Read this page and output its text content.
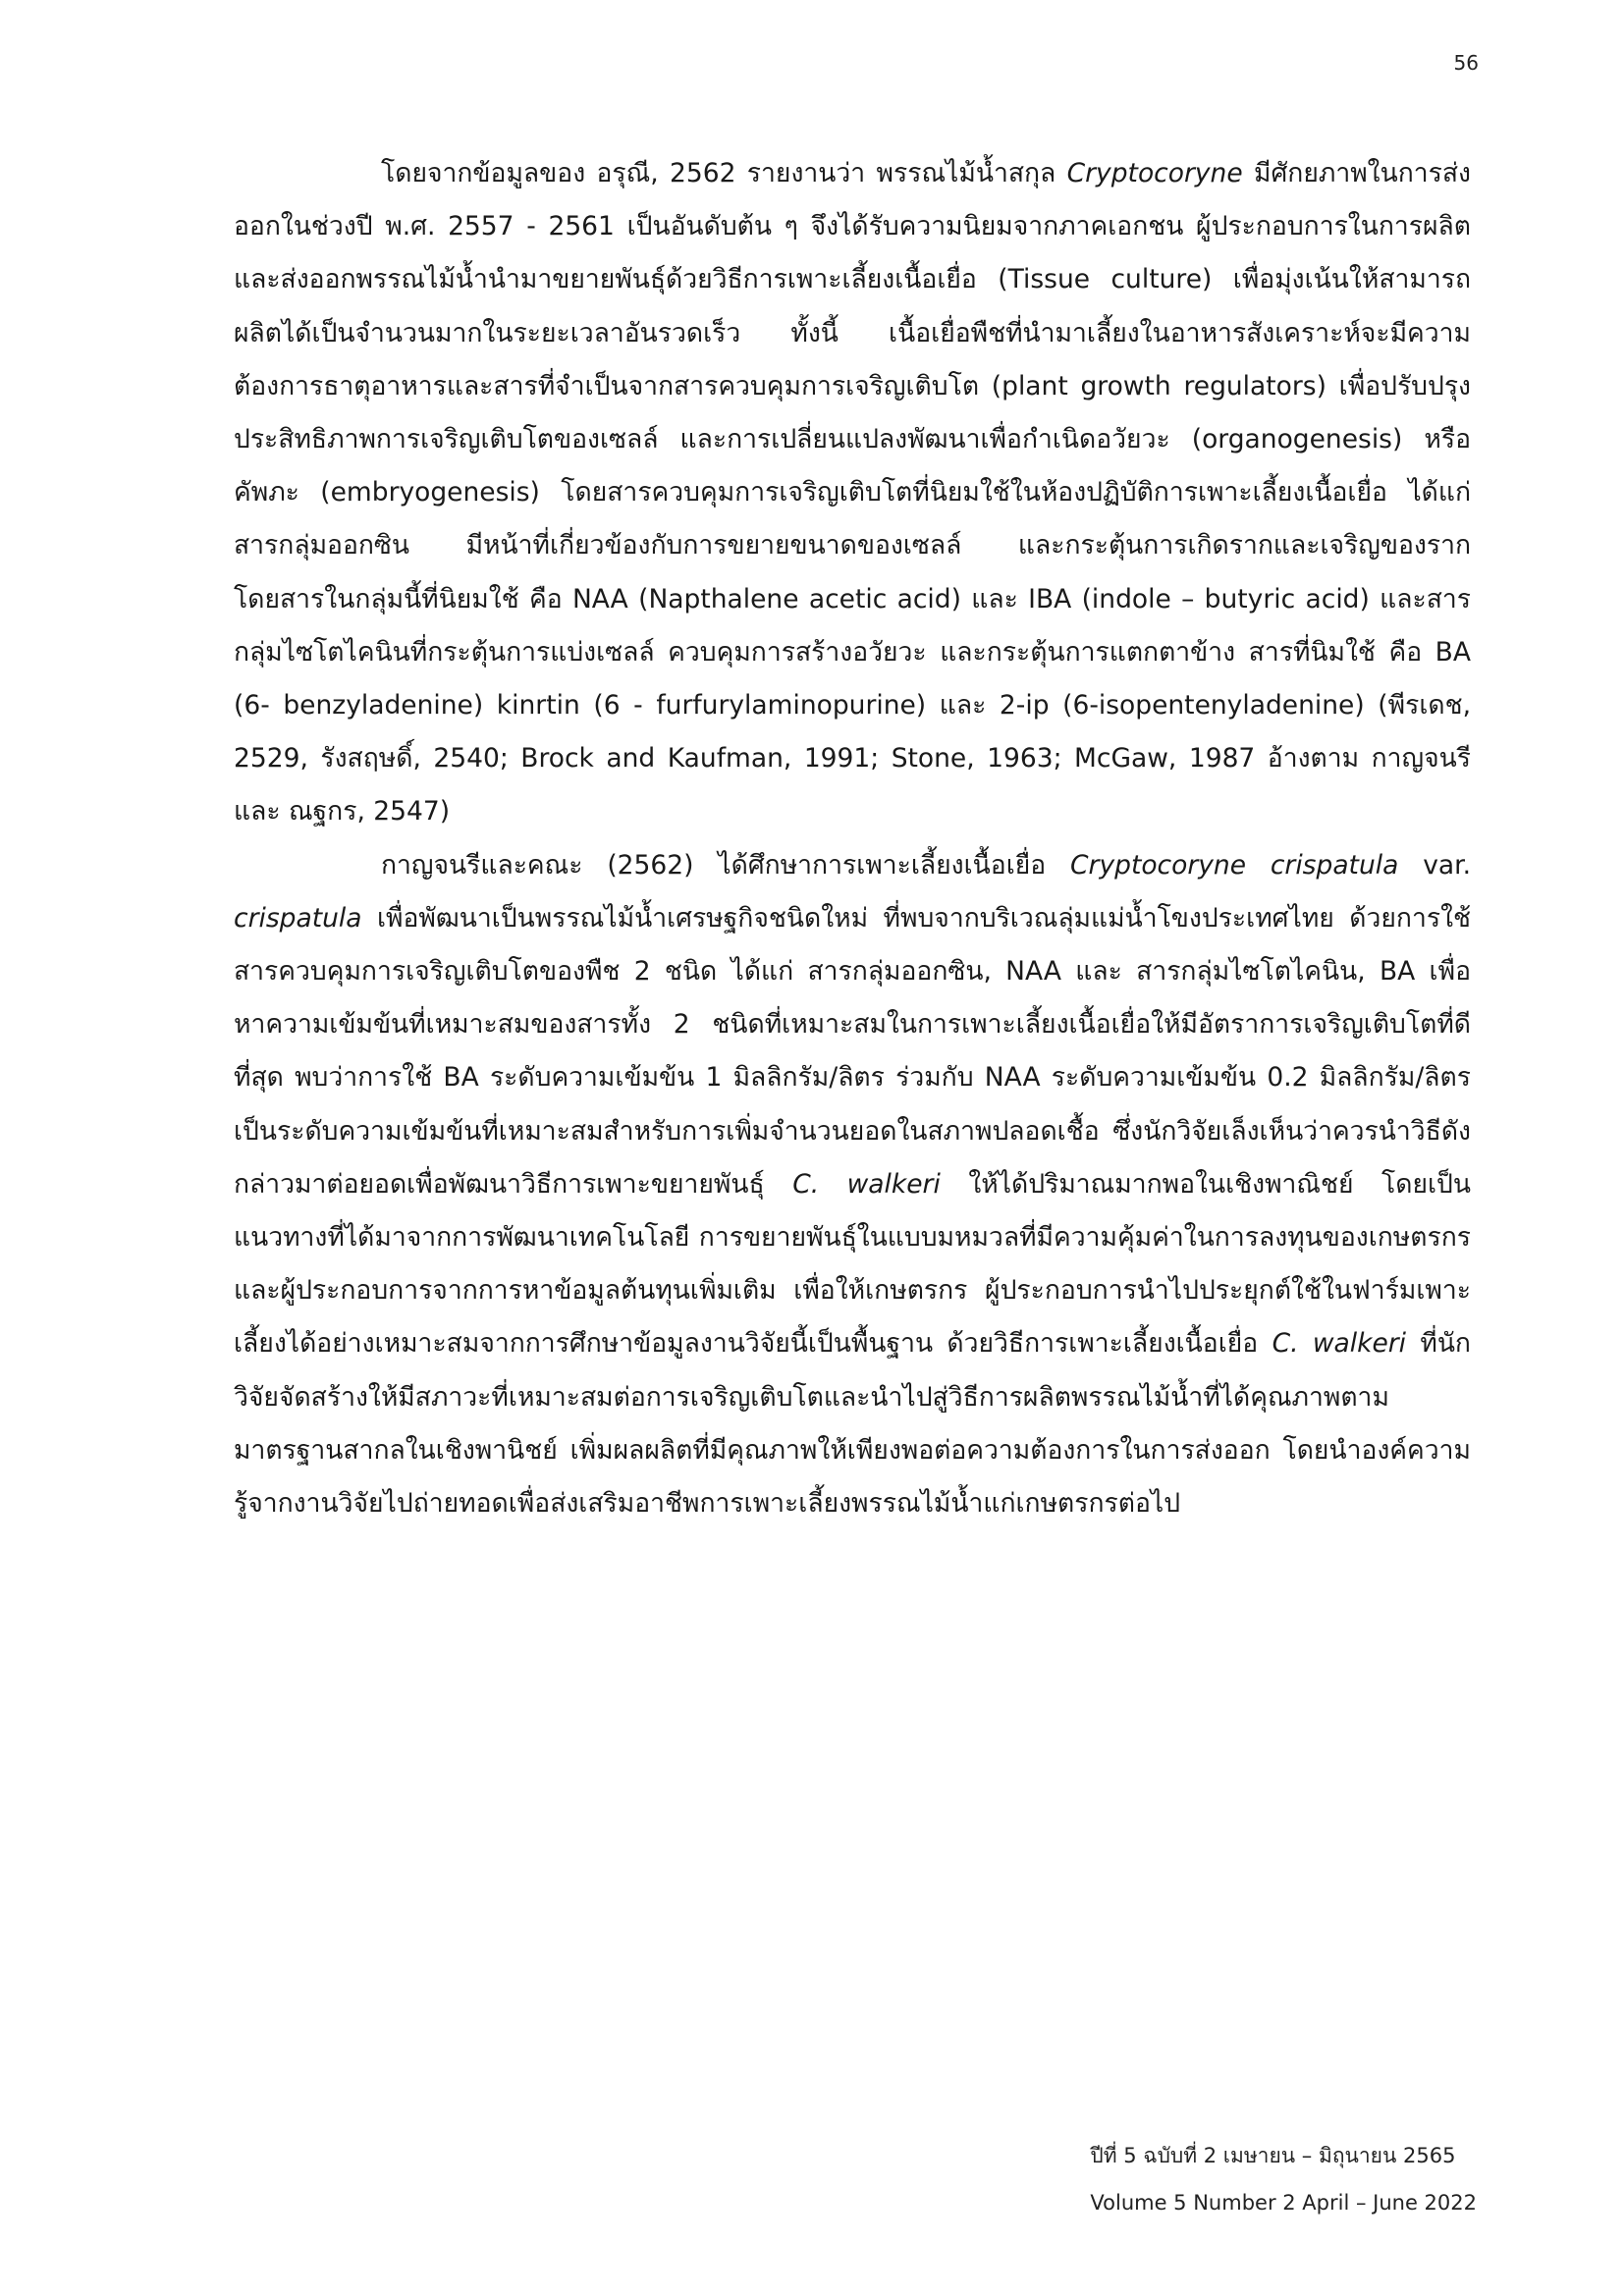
56

โดยจากข้อมูลของ อรุณี, 2562 รายงานว่า พรรณไม้น้ำสกุล Cryptocoryne มีศักยภาพในการส่งออกในช่วงปี พ.ศ. 2557 - 2561 เป็นอันดับต้น ๆ จึงได้รับความนิยมจากภาคเอกชน ผู้ประกอบการในการผลิตและส่งออกพรรณไม้น้ำนำมาขยายพันธุ์ด้วยวิธีการเพาะเลี้ยงเนื้อเยื่อ (Tissue culture) เพื่อมุ่งเน้นให้สามารถผลิตได้เป็นจำนวนมากในระยะเวลาอันรวดเร็ว ทั้งนี้ เนื้อเยื่อพืชที่นำมาเลี้ยงในอาหารสังเคราะห์จะมีความต้องการธาตุอาหารและสารที่จำเป็นจากสารควบคุมการเจริญเติบโต (plant growth regulators) เพื่อปรับปรุงประสิทธิภาพการเจริญเติบโตของเซลล์ และการเปลี่ยนแปลงพัฒนาเพื่อกำเนิดอวัยวะ (organogenesis) หรือคัพภะ (embryogenesis) โดยสารควบคุมการเจริญเติบโตที่นิยมใช้ในห้องปฏิบัติการเพาะเลี้ยงเนื้อเยื่อ ได้แก่ สารกลุ่มออกซิน มีหน้าที่เกี่ยวข้องกับการขยายขนาดของเซลล์ และกระตุ้นการเกิดรากและเจริญของราก โดยสารในกลุ่มนี้ที่นิยมใช้ คือ NAA (Napthalene acetic acid) และ IBA (indole – butyric acid) และสารกลุ่มไซโตไคนินที่กระตุ้นการแบ่งเซลล์ ควบคุมการสร้างอวัยวะ และกระตุ้นการแตกตาข้าง สารที่นิมใช้ คือ BA (6- benzyladenine) kinrtin (6 - furfurylaminopurine) และ 2-ip (6-isopentenyladenine) (พีรเดช, 2529, รังสฤษดิ์, 2540; Brock and Kaufman, 1991; Stone, 1963; McGaw, 1987 อ้างตาม กาญจนรี และ ณฐกร, 2547)

กาญจนรีและคณะ (2562) ได้ศึกษาการเพาะเลี้ยงเนื้อเยื่อ Cryptocoryne crispatula var. crispatula เพื่อพัฒนาเป็นพรรณไม้น้ำเศรษฐกิจชนิดใหม่ ที่พบจากบริเวณลุ่มแม่น้ำโขงประเทศไทย ด้วยการใช้สารควบคุมการเจริญเติบโตของพืช 2 ชนิด ได้แก่ สารกลุ่มออกซิน, NAA และ สารกลุ่มไซโตไคนิน, BA เพื่อหาความเข้มข้นที่เหมาะสมของสารทั้ง 2 ชนิดที่เหมาะสมในการเพาะเลี้ยงเนื้อเยื่อให้มีอัตราการเจริญเติบโตที่ดีที่สุด พบว่าการใช้ BA ระดับความเข้มข้น 1 มิลลิกรัม/ลิตร ร่วมกับ NAA ระดับความเข้มข้น 0.2 มิลลิกรัม/ลิตร เป็นระดับความเข้มข้นที่เหมาะสมสำหรับการเพิ่มจำนวนยอดในสภาพปลอดเชื้อ ซึ่งนักวิจัยเล็งเห็นว่าควรนำวิธีดังกล่าวมาต่อยอดเพื่อพัฒนาวิธีการเพาะขยายพันธุ์ C. walkeri ให้ได้ปริมาณมากพอในเชิงพาณิชย์ โดยเป็นแนวทางที่ได้มาจากการพัฒนาเทคโนโลยี การขยายพันธุ์ในแบบมหมวลที่มีความคุ้มค่าในการลงทุนของเกษตรกรและผู้ประกอบการจากการหาข้อมูลต้นทุนเพิ่มเติม เพื่อให้เกษตรกร ผู้ประกอบการนำไปประยุกต์ใช้ในฟาร์มเพาะเลี้ยงได้อย่างเหมาะสมจากการศึกษาข้อมูลงานวิจัยนี้เป็นพื้นฐาน ด้วยวิธีการเพาะเลี้ยงเนื้อเยื่อ C. walkeri ที่นักวิจัยจัดสร้างให้มีสภาวะที่เหมาะสมต่อการเจริญเติบโตและนำไปสู่วิธีการผลิตพรรณไม้น้ำที่ได้คุณภาพตามมาตรฐานสากลในเชิงพานิชย์ เพิ่มผลผลิตที่มีคุณภาพให้เพียงพอต่อความต้องการในการส่งออก โดยนำองค์ความรู้จากงานวิจัยไปถ่ายทอดเพื่อส่งเสริมอาชีพการเพาะเลี้ยงพรรณไม้น้ำแก่เกษตรกรต่อไป

ปีที่ 5 ฉบับที่ 2 เมษายน – มิถุนายน 2565
Volume 5 Number 2 April – June 2022
